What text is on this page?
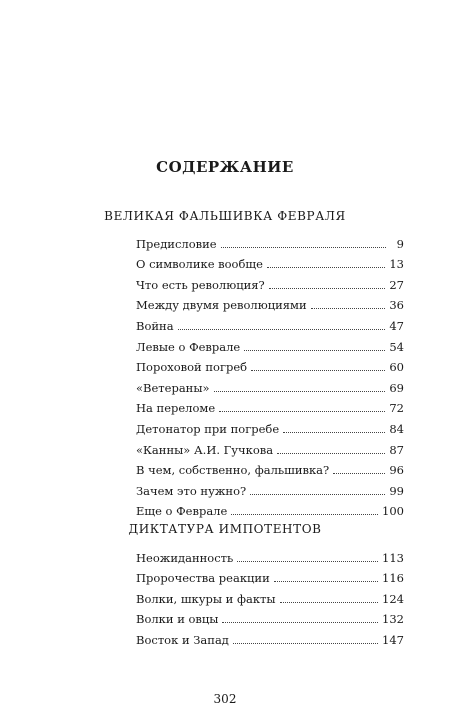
СОДЕРЖАНИЕ
ВЕЛИКАЯ ФАЛЬШИВКА ФЕВРАЛЯ
Предисловие	9
О символике вообще	13
Что есть революция?	27
Между двумя революциями	36
Война	47
Левые о Феврале	54
Пороховой погреб	60
«Ветераны»	69
На переломе	72
Детонатор при погребе	84
«Канны» А.И. Гучкова	87
В чем, собственно, фальшивка?	96
Зачем это нужно?	99
Еще о Феврале	100
ДИКТАТУРА ИМПОТЕНТОВ
Неожиданность	113
Пророчества реакции	116
Волки, шкуры и факты	124
Волки и овцы	132
Восток и Запад	147
302
